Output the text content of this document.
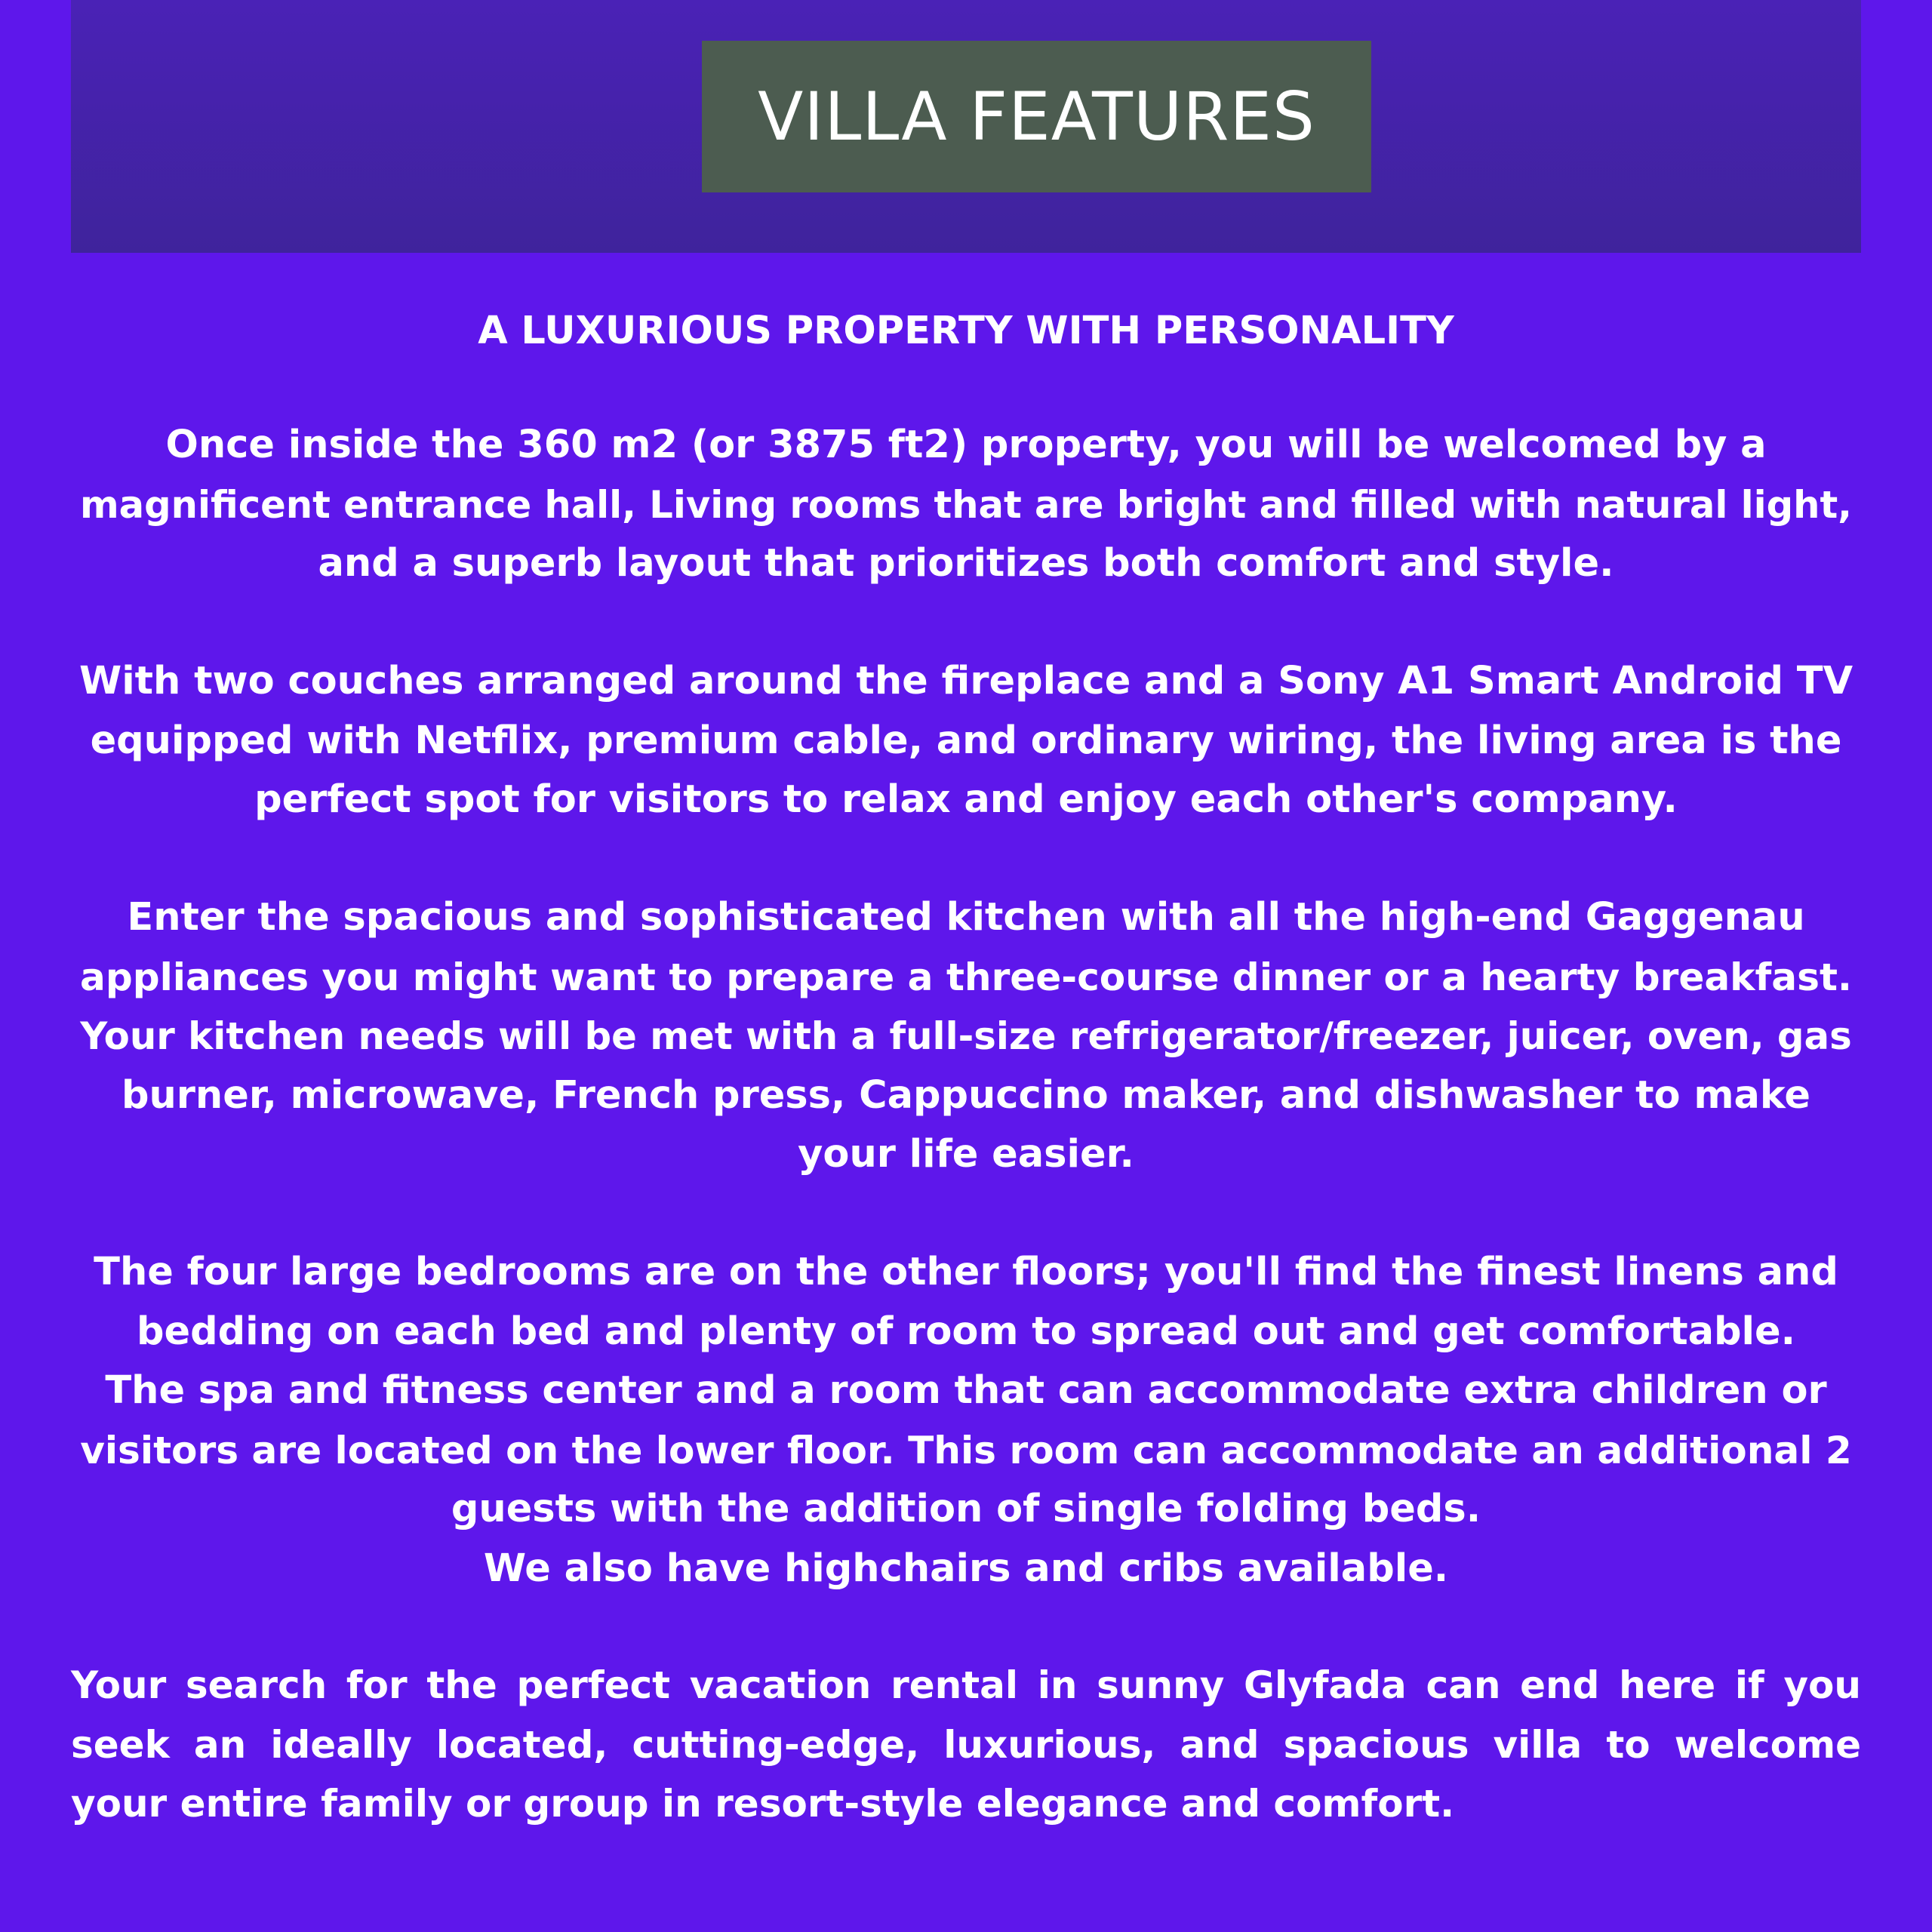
VILLA FEATURES
A LUXURIOUS PROPERTY WITH PERSONALITY

Once inside the 360 m2 (or 3875 ft2) property, you will be welcomed by a
magnificent entrance hall, Living rooms that are bright and filled with natural light,
and a superb layout that prioritizes both comfort and style.

With two couches arranged around the fireplace and a Sony A1 Smart Android TV
equipped with Netflix, premium cable, and ordinary wiring, the living area is the
perfect spot for visitors to relax and enjoy each other's company.

Enter the spacious and sophisticated kitchen with all the high-end Gaggenau
appliances you might want to prepare a three-course dinner or a hearty breakfast.
Your kitchen needs will be met with a full-size refrigerator/freezer, juicer, oven, gas
burner, microwave, French press, Cappuccino maker, and dishwasher to make
your life easier.

The four large bedrooms are on the other floors; you'll find the finest linens and
bedding on each bed and plenty of room to spread out and get comfortable.
The spa and fitness center and a room that can accommodate extra children or
visitors are located on the lower floor. This room can accommodate an additional 2
guests with the addition of single folding beds.
We also have highchairs and cribs available.

Your search for the perfect vacation rental in sunny Glyfada can end here if you
seek an ideally located, cutting-edge, luxurious, and spacious villa to welcome
your entire family or group in resort-style elegance and comfort.
